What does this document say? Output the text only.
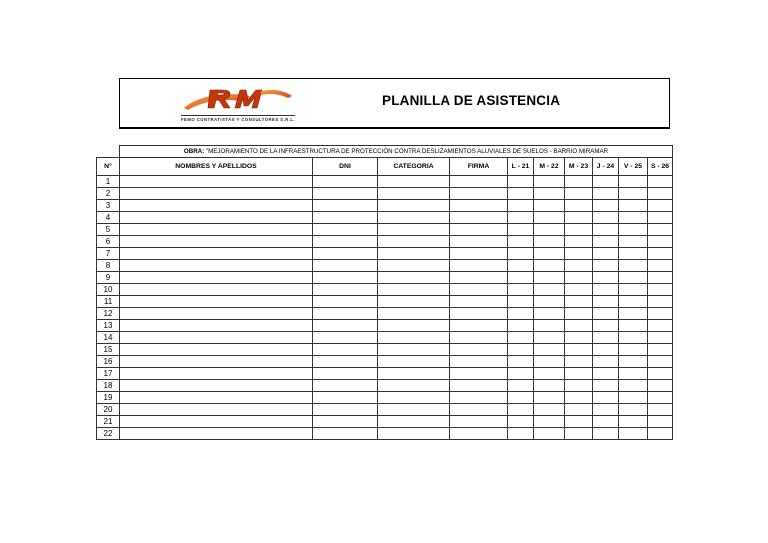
FEMO CONTRATISTAS Y CONSULTORES S.R.L.
PLANILLA DE ASISTENCIA
	OBRA: "MEJORAMIENTO DE LA INFRAESTRUCTURA DE PROTECCIÓN CONTRA DESLIZAMIENTOS ALUVIALES DE SUELOS - BARRIO MIRAMAR									
N°	NOMBRES Y APELLIDOS	DNI	CATEGORIA	FIRMA	L - 21	M - 22	M - 23	J - 24	V - 25	S - 26
1										
2										
3										
4										
5										
6										
7										
8										
9										
10										
11										
12										
13										
14										
15										
16										
17										
18										
19										
20										
21										
22										
